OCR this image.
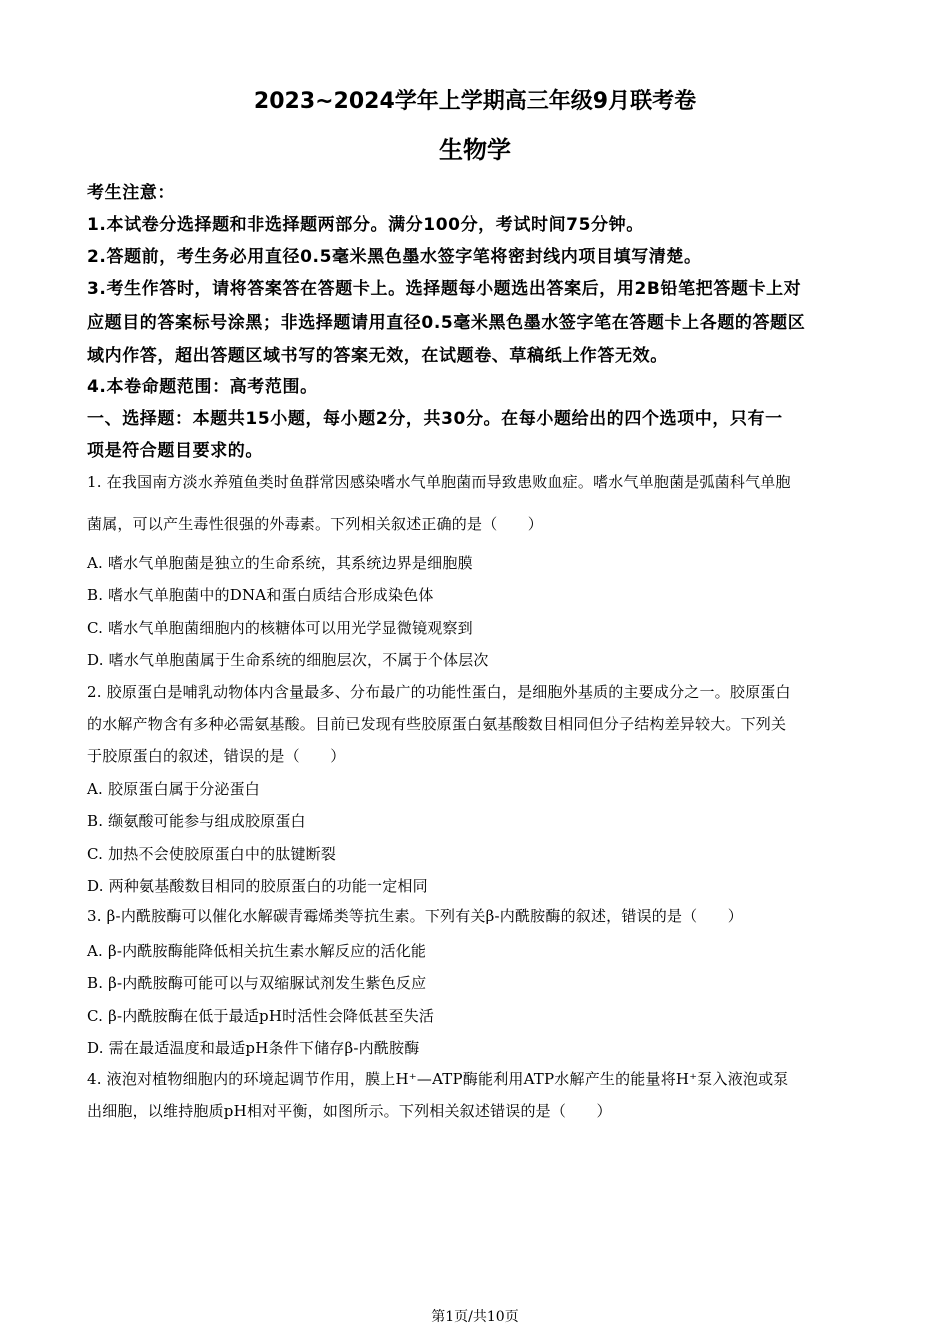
2023~2024学年上学期高三年级9月联考卷
生物学
考生注意：
1.本试卷分选择题和非选择题两部分。满分100分，考试时间75分钟。
2.答题前，考生务必用直径0.5毫米黑色墨水签字笔将密封线内项目填写清楚。
3.考生作答时，请将答案答在答题卡上。选择题每小题选出答案后，用2B铅笔把答题卡上对
应题目的答案标号涂黑；非选择题请用直径0.5毫米黑色墨水签字笔在答题卡上各题的答题区
域内作答，超出答题区域书写的答案无效，在试题卷、草稿纸上作答无效。
4.本卷命题范围：高考范围。
一、选择题：本题共15小题，每小题2分，共30分。在每小题给出的四个选项中，只有一
项是符合题目要求的。
1. 在我国南方淡水养殖鱼类时鱼群常因感染嗜水气单胞菌而导致患败血症。嗜水气单胞菌是弧菌科气单胞
菌属，可以产生毒性很强的外毒素。下列相关叙述正确的是（　　）
A. 嗜水气单胞菌是独立的生命系统，其系统边界是细胞膜
B. 嗜水气单胞菌中的DNA和蛋白质结合形成染色体
C. 嗜水气单胞菌细胞内的核糖体可以用光学显微镜观察到
D. 嗜水气单胞菌属于生命系统的细胞层次，不属于个体层次
2. 胶原蛋白是哺乳动物体内含量最多、分布最广的功能性蛋白，是细胞外基质的主要成分之一。胶原蛋白
的水解产物含有多种必需氨基酸。目前已发现有些胶原蛋白氨基酸数目相同但分子结构差异较大。下列关
于胶原蛋白的叙述，错误的是（　　）
A. 胶原蛋白属于分泌蛋白
B. 缬氨酸可能参与组成胶原蛋白
C. 加热不会使胶原蛋白中的肽键断裂
D. 两种氨基酸数目相同的胶原蛋白的功能一定相同
3. β-内酰胺酶可以催化水解碳青霉烯类等抗生素。下列有关β-内酰胺酶的叙述，错误的是（　　）
A. β-内酰胺酶能降低相关抗生素水解反应的活化能
B. β-内酰胺酶可能可以与双缩脲试剂发生紫色反应
C. β-内酰胺酶在低于最适pH时活性会降低甚至失活
D. 需在最适温度和最适pH条件下储存β-内酰胺酶
4. 液泡对植物细胞内的环境起调节作用，膜上H⁺—ATP酶能利用ATP水解产生的能量将H⁺泵入液泡或泵
出细胞，以维持胞质pH相对平衡，如图所示。下列相关叙述错误的是（　　）
第1页/共10页
